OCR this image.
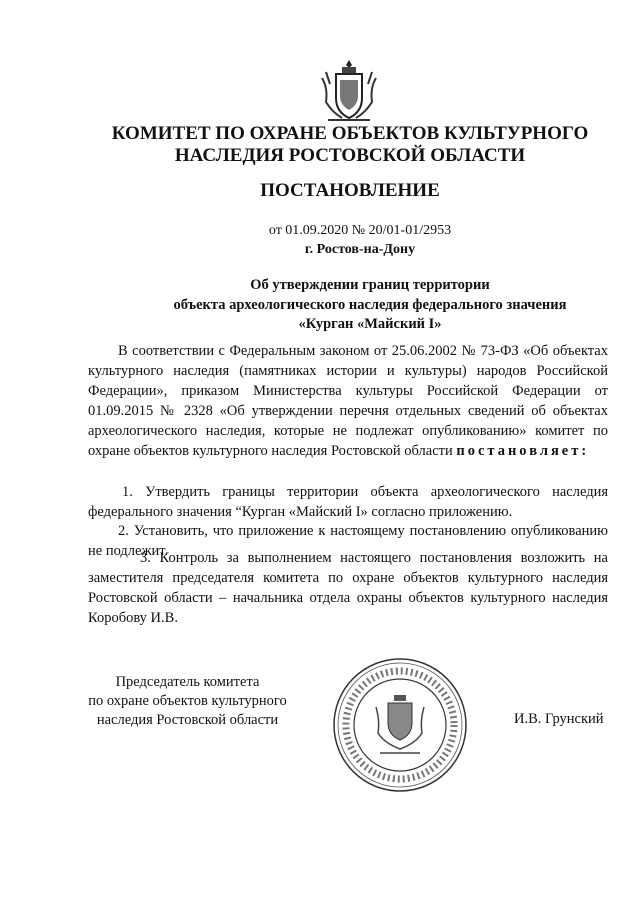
КОМИТЕТ ПО ОХРАНЕ ОБЪЕКТОВ КУЛЬТУРНОГО
НАСЛЕДИЯ РОСТОВСКОЙ ОБЛАСТИ
ПОСТАНОВЛЕНИЕ
от 01.09.2020 № 20/01-01/2953
г. Ростов-на-Дону
Об утверждении границ территории
объекта археологического наследия федерального значения
«Курган «Майский I»

В соответствии с Федеральным законом от 25.06.2002 № 73-ФЗ «Об объектах культурного наследия (памятниках истории и культуры) народов Российской Федерации», приказом Министерства культуры Российской Федерации от 01.09.2015 № 2328 «Об утверждении перечня отдельных сведений об объектах археологического наследия, которые не подлежат опубликованию» комитет по охране объектов культурного наследия Ростовской области постановляет:

1. Утвердить границы территории объекта археологического наследия федерального значения “Курган «Майский I» согласно приложению.

2. Установить, что приложение к настоящему постановлению опубликованию не подлежит.

3. Контроль за выполнением настоящего постановления возложить на заместителя председателя комитета по охране объектов культурного наследия Ростовской области – начальника отдела охраны объектов культурного наследия Коробову И.В.

Председатель комитета
по охране объектов культурного
наследия Ростовской области	И.В. Грунский
